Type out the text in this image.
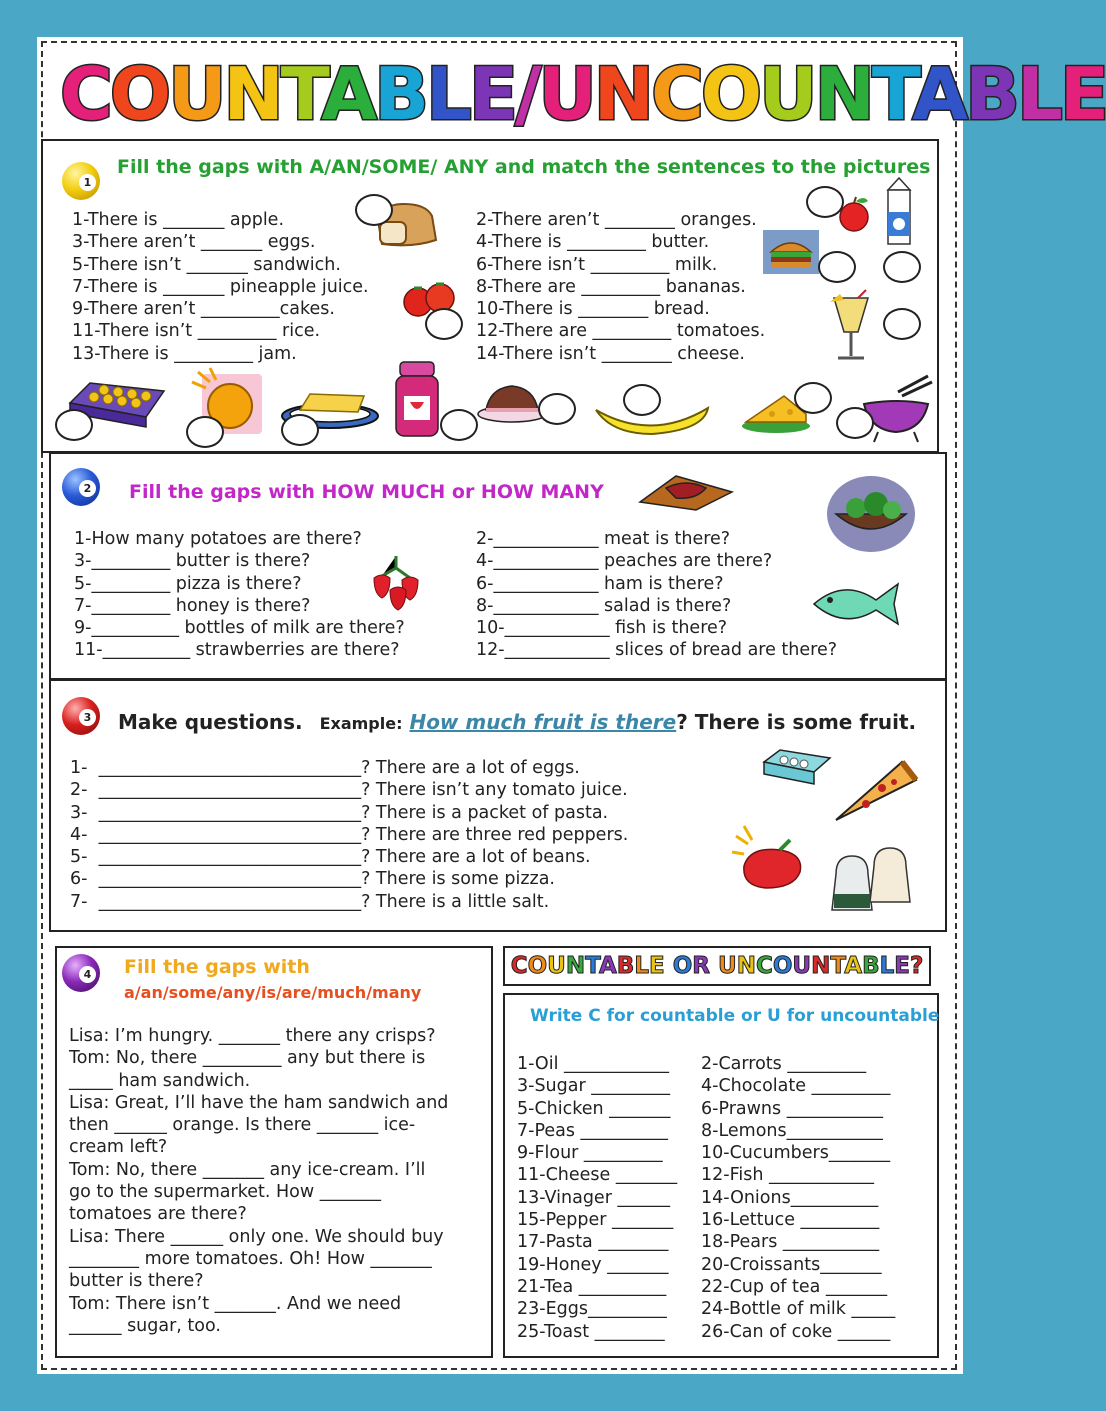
COUNTABLE/UNCOUNTABLE
1
Fill the gaps with A/AN/SOME/ ANY and match the sentences to the pictures
1-There is _______ apple.
3-There aren’t _______ eggs.
5-There isn’t _______ sandwich.
7-There is _______ pineapple juice.
9-There aren’t _________cakes.
11-There isn’t _________ rice.
13-There is _________ jam.
2-There aren’t ________ oranges.
4-There is _________ butter.
6-There isn’t _________ milk.
8-There are _________ bananas.
10-There is ________ bread.
12-There are _________ tomatoes.
14-There isn’t ________ cheese.
2 Fill the gaps with HOW MUCH or HOW MANY
1-How many potatoes are there?
3-_________ butter is there?
5-_________ pizza is there?
7-_________ honey is there?
9-__________ bottles of milk are there?
11-__________ strawberries are there?
2-____________ meat is there?
4-____________ peaches are there?
6-____________ ham is there?
8-____________ salad is there?
10-____________ fish is there?
12-____________ slices of bread are there?
3 Make questions. Example: How much fruit is there? There is some fruit.
1-  ______________________________? There are a lot of eggs.
2-  ______________________________? There isn’t any tomato juice.
3-  ______________________________? There is a packet of pasta.
4-  ______________________________? There are three red peppers.
5-  ______________________________? There are a lot of beans.
6-  ______________________________? There is some pizza.
7-  ______________________________? There is a little salt.
4 Fill the gaps with
a/an/some/any/is/are/much/many
Lisa: I’m hungry. _______ there any crisps?
Tom: No, there _________ any but there is
_____ ham sandwich.
Lisa: Great, I’ll have the ham sandwich and
then ______ orange. Is there _______ ice-
cream left?
Tom: No, there _______ any ice-cream. I’ll
go to the supermarket. How _______
tomatoes are there?
Lisa: There ______ only one. We should buy
________ more tomatoes. Oh! How _______
butter is there?
Tom: There isn’t _______. And we need
______ sugar, too.
COUNTABLE OR UNCOUNTABLE?
Write C for countable or U for uncountable
1-Oil ____________
3-Sugar _________
5-Chicken _______
7-Peas __________
9-Flour _________
11-Cheese _______
13-Vinager ______
15-Pepper _______
17-Pasta ________
19-Honey _______
21-Tea __________
23-Eggs_________
25-Toast ________
2-Carrots _________
4-Chocolate _________
6-Prawns ___________
8-Lemons___________
10-Cucumbers_______
12-Fish ____________
14-Onions__________
16-Lettuce _________
18-Pears ___________
20-Croissants_______
22-Cup of tea _______
24-Bottle of milk _____
26-Can of coke ______
